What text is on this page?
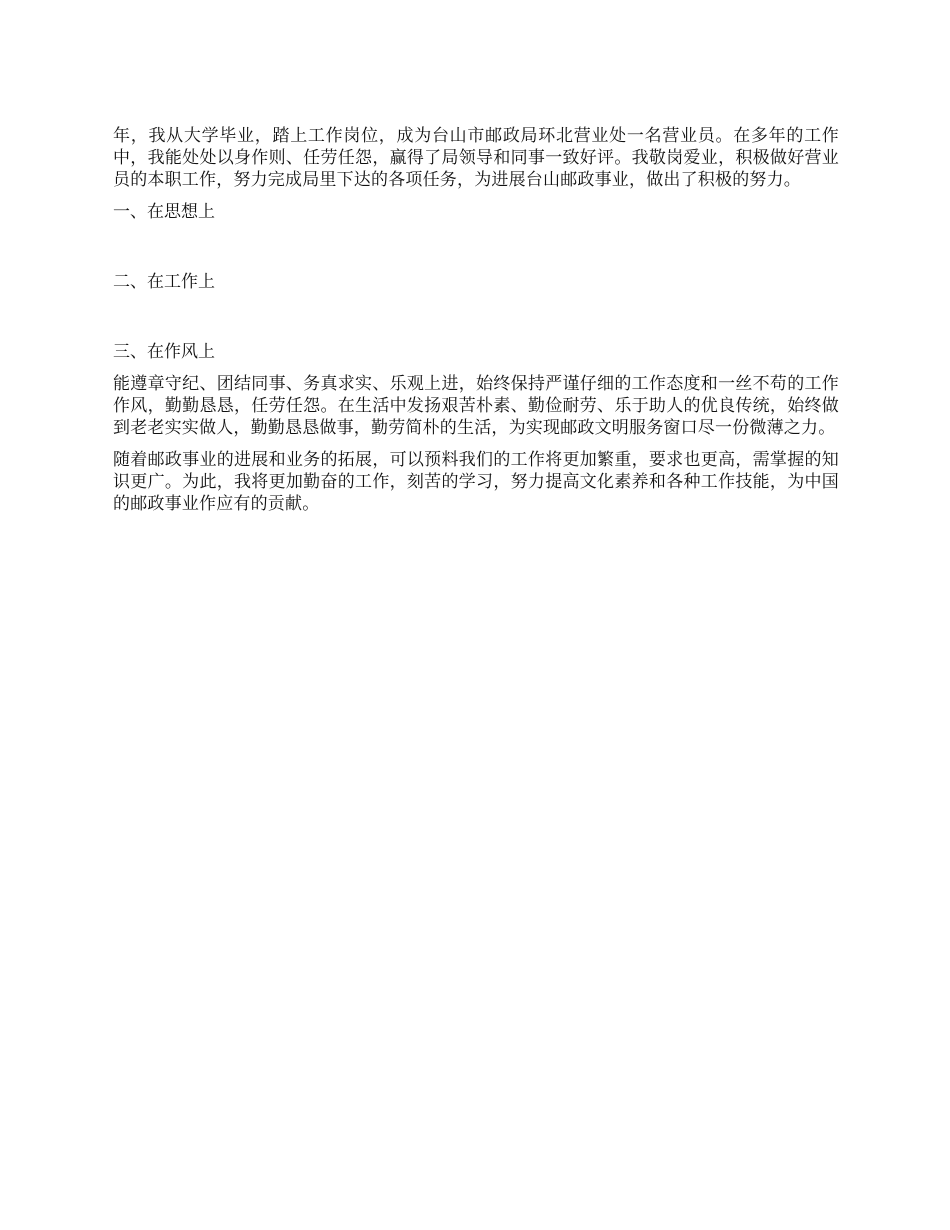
年，我从大学毕业，踏上工作岗位，成为台山市邮政局环北营业处一名营业员。在多年的工作中，我能处处以身作则、任劳任怨，赢得了局领导和同事一致好评。我敬岗爱业，积极做好营业员的本职工作，努力完成局里下达的各项任务，为进展台山邮政事业，做出了积极的努力。

一、在思想上

二、在工作上

三、在作风上

能遵章守纪、团结同事、务真求实、乐观上进，始终保持严谨仔细的工作态度和一丝不苟的工作作风，勤勤恳恳，任劳任怨。在生活中发扬艰苦朴素、勤俭耐劳、乐于助人的优良传统，始终做到老老实实做人，勤勤恳恳做事，勤劳简朴的生活，为实现邮政文明服务窗口尽一份微薄之力。

随着邮政事业的进展和业务的拓展，可以预料我们的工作将更加繁重，要求也更高，需掌握的知识更广。为此，我将更加勤奋的工作，刻苦的学习，努力提高文化素养和各种工作技能，为中国的邮政事业作应有的贡献。
